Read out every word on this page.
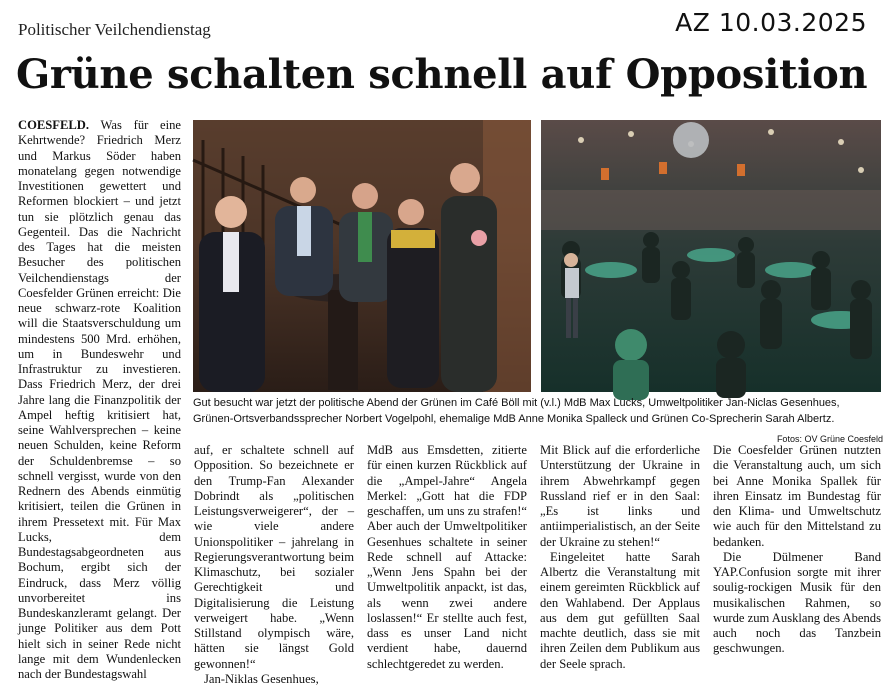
Politischer Veilchendienstag	AZ 10.03.2025
Grüne schalten schnell auf Opposition

COESFELD. Was für eine Kehrtwende? Friedrich Merz und Markus Söder haben monatelang gegen notwendige Investitionen gewettert und Reformen blockiert – und jetzt tun sie plötzlich genau das Gegenteil. Das die Nachricht des Tages hat die meisten Besucher des politischen Veilchendienstags der Coesfelder Grünen erreicht: Die neue schwarz-rote Koalition will die Staatsverschuldung um mindestens 500 Mrd. erhöhen, um in Bundeswehr und Infrastruktur zu investieren. Dass Friedrich Merz, der drei Jahre lang die Finanzpolitik der Ampel heftig kritisiert hat, seine Wahlversprechen – keine neuen Schulden, keine Reform der Schuldenbremse – so schnell vergisst, wurde von den Rednern des Abends einmütig kritisiert, teilen die Grünen in ihrem Pressetext mit. Für Max Lucks, dem Bundestagsabgeordneten aus Bochum, ergibt sich der Eindruck, dass Merz völlig unvorbereitet ins Bundeskanzleramt gelangt. Der junge Politiker aus dem Pott hielt sich in seiner Rede nicht lange mit dem Wundenlecken nach der Bundestagswahl

Gut besucht war jetzt der politische Abend der Grünen im Café Böll mit (v.l.) MdB Max Lucks, Umweltpolitiker Jan-Niclas Gesenhues, Grünen-Ortsverbandssprecher Norbert Vogelpohl, ehemalige MdB Anne Monika Spalleck und Grünen Co-Sprecherin Sarah Albertz.
Fotos: OV Grüne Coesfeld

auf, er schaltete schnell auf Opposition. So bezeichnete er den Trump-Fan Alexander Dobrindt als „politischen Leistungsverweigerer“, der – wie viele andere Unionspolitiker – jahrelang in Regierungsverantwortung beim Klimaschutz, bei sozialer Gerechtigkeit und Digitalisierung die Leistung verweigert habe. „Wenn Stillstand olympisch wäre, hätten sie längst Gold gewonnen!“

Jan-Niklas Gesenhues,

MdB aus Emsdetten, zitierte für einen kurzen Rückblick auf die „Ampel-Jahre“ Angela Merkel: „Gott hat die FDP geschaffen, um uns zu strafen!“ Aber auch der Umweltpolitiker Gesenhues schaltete in seiner Rede schnell auf Attacke: „Wenn Jens Spahn bei der Umweltpolitik anpackt, ist das, als wenn zwei andere loslassen!“ Er stellte auch fest, dass es unser Land nicht verdient habe, dauernd schlechtgeredet zu werden.

Mit Blick auf die erforderliche Unterstützung der Ukraine in ihrem Abwehrkampf gegen Russland rief er in den Saal: „Es ist links und antiimperialistisch, an der Seite der Ukraine zu stehen!“

Eingeleitet hatte Sarah Albertz die Veranstaltung mit einem gereimten Rückblick auf den Wahlabend. Der Applaus aus dem gut gefüllten Saal machte deutlich, dass sie mit ihren Zeilen dem Publikum aus der Seele sprach.

Die Coesfelder Grünen nutzten die Veranstaltung auch, um sich bei Anne Monika Spallek für ihren Einsatz im Bundestag für den Klima- und Umweltschutz wie auch für den Mittelstand zu bedanken.

Die Dülmener Band YAP.Confusion sorgte mit ihrer soulig-rockigen Musik für den musikalischen Rahmen, so wurde zum Ausklang des Abends auch noch das Tanzbein geschwungen.
